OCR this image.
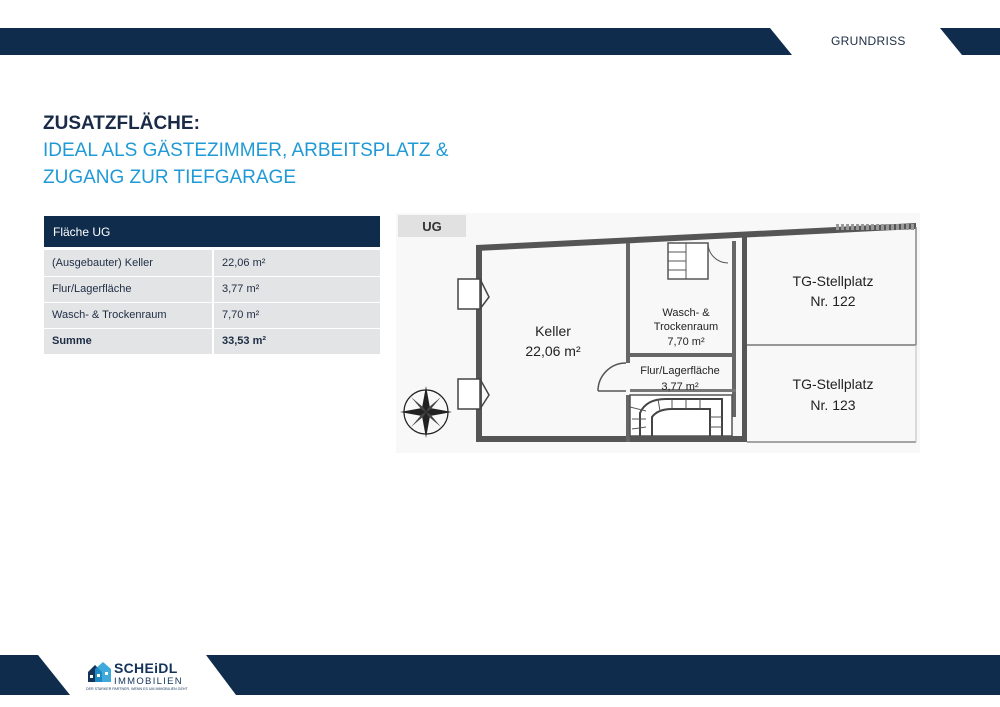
GRUNDRISS
ZUSATZFLÄCHE:
IDEAL ALS GÄSTEZIMMER, ARBEITSPLATZ &
ZUGANG ZUR TIEFGARAGE
Fläche UG	

(Ausgebauter) Keller	22,06 m²
Flur/Lagerfläche	3,77 m²
Wasch- & Trockenraum	7,70 m²
Summe	33,53 m²
UG
Keller
22,06 m²
Wasch- &
Trockenraum
7,70 m²
Flur/Lagerfläche
3,77 m²
TG-Stellplatz
Nr. 122
TG-Stellplatz
Nr. 123
SCHEiDL
IMMOBILIEN
DER STARKER PARTNER, WENN ES UM IMMOBILIEN GEHT
